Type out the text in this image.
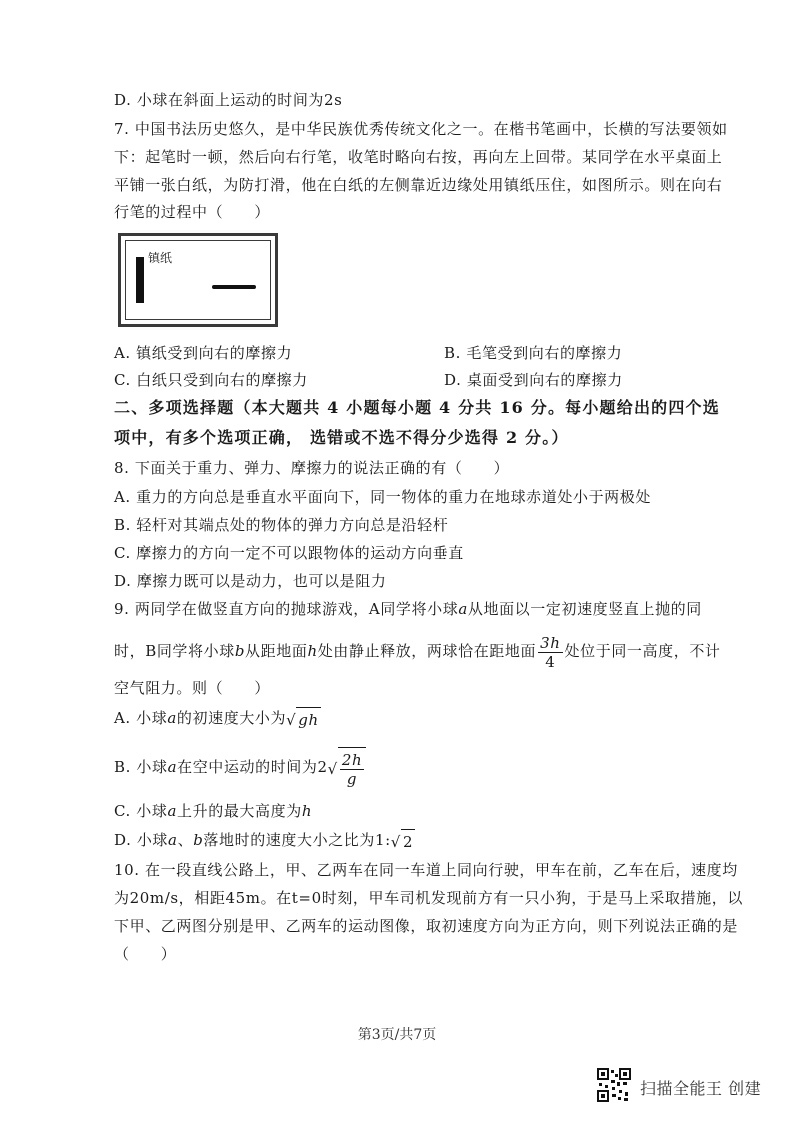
D. 小球在斜面上运动的时间为2s
7. 中国书法历史悠久，是中华民族优秀传统文化之一。在楷书笔画中，长横的写法要领如
下：起笔时一顿，然后向右行笔，收笔时略向右按，再向左上回带。某同学在水平桌面上
平铺一张白纸，为防打滑，他在白纸的左侧靠近边缘处用镇纸压住，如图所示。则在向右
行笔的过程中（　　）
镇纸
A. 镇纸受到向右的摩擦力	B. 毛笔受到向右的摩擦力
C. 白纸只受到向右的摩擦力	D. 桌面受到向右的摩擦力
二、多项选择题（本大题共 4 小题每小题 4 分共 16 分。每小题给出的四个选
项中，有多个选项正确， 选错或不选不得分少选得 2 分。）
8. 下面关于重力、弹力、摩擦力的说法正确的有（　　）
A. 重力的方向总是垂直水平面向下，同一物体的重力在地球赤道处小于两极处
B. 轻杆对其端点处的物体的弹力方向总是沿轻杆
C. 摩擦力的方向一定不可以跟物体的运动方向垂直
D. 摩擦力既可以是动力，也可以是阻力
9. 两同学在做竖直方向的抛球游戏，A同学将小球a从地面以一定初速度竖直上抛的同
时，B同学将小球b从距地面h处由静止释放，两球恰在距地面 $\frac{3h}{4}$ 处位于同一高度，不计
空气阻力。则（　　）
A. 小球a的初速度大小为√ gh
B. 小球a在空中运动的时间为$2√ \frac{2h}{g}$
C. 小球a上升的最大高度为h
D. 小球a、b落地时的速度大小之比为1:√ 2
10. 在一段直线公路上，甲、乙两车在同一车道上同向行驶，甲车在前，乙车在后，速度均
为20m/s，相距45m。在t=0时刻，甲车司机发现前方有一只小狗，于是马上采取措施，以
下甲、乙两图分别是甲、乙两车的运动图像，取初速度方向为正方向，则下列说法正确的是
（　　）
第3页/共7页
扫描全能王 创建
